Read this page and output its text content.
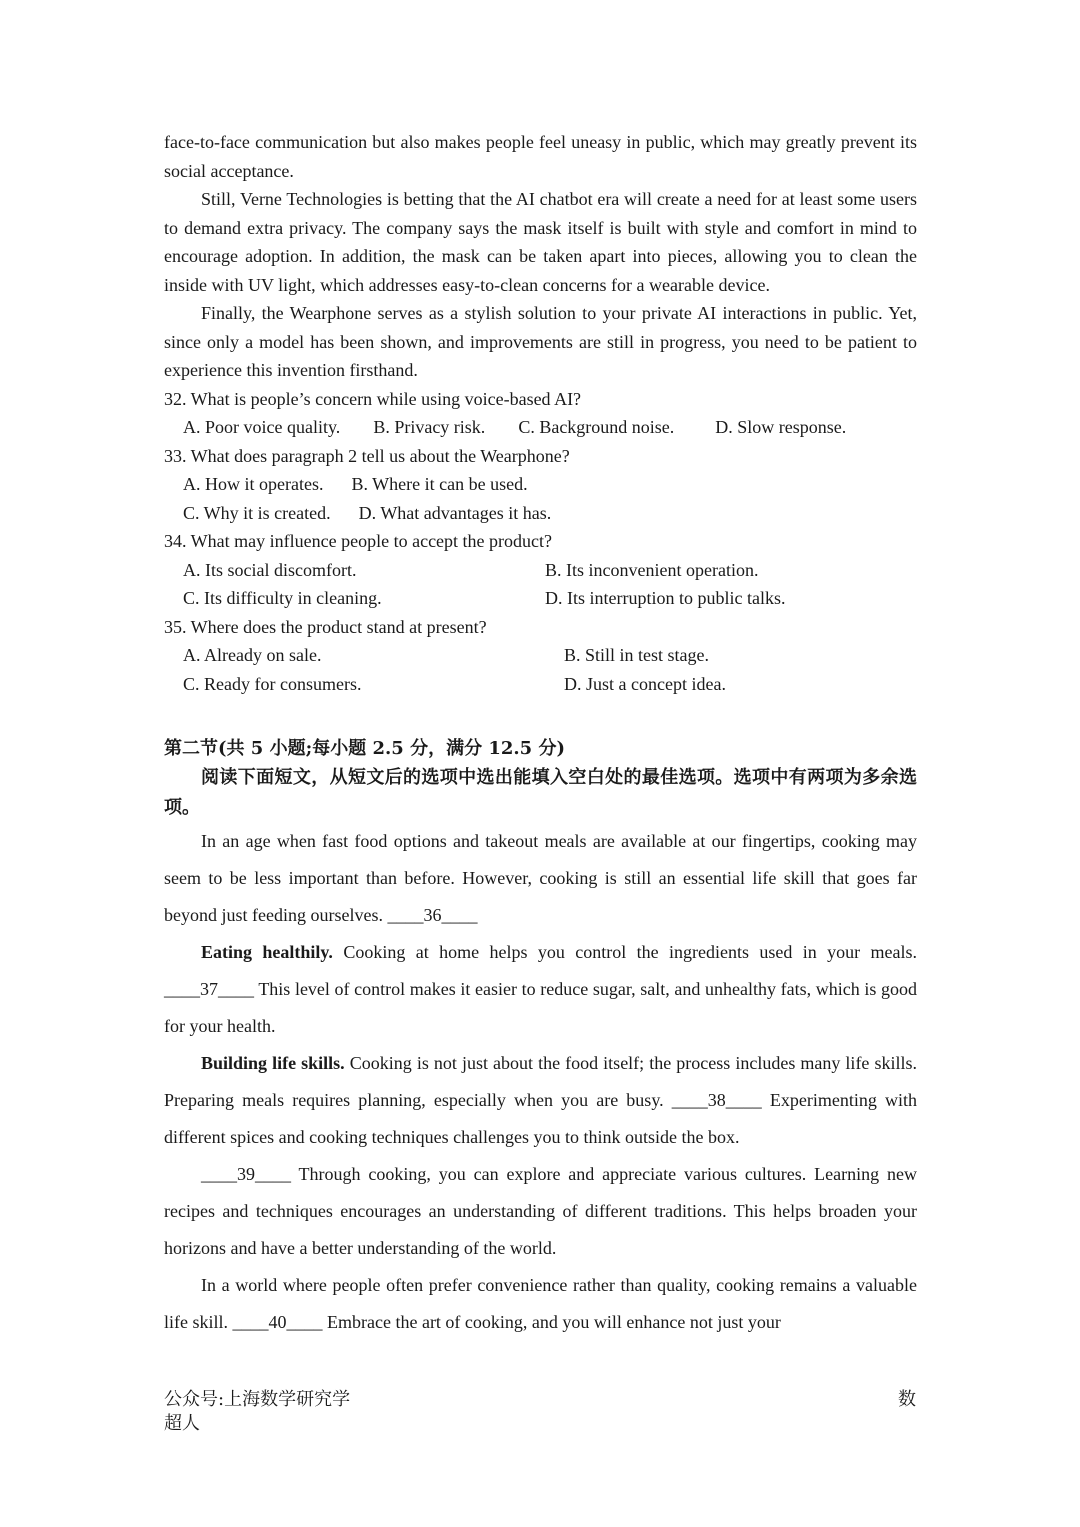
face-to-face communication but also makes people feel uneasy in public, which may greatly prevent its social acceptance.

Still, Verne Technologies is betting that the AI chatbot era will create a need for at least some users to demand extra privacy. The company says the mask itself is built with style and comfort in mind to encourage adoption. In addition, the mask can be taken apart into pieces, allowing you to clean the inside with UV light, which addresses easy-to-clean concerns for a wearable device.

Finally, the Wearphone serves as a stylish solution to your private AI interactions in public. Yet, since only a model has been shown, and improvements are still in progress, you need to be patient to experience this invention firsthand.

32. What is people’s concern while using voice-based AI?

A. Poor voice quality. B. Privacy risk. C. Background noise. D. Slow response.

33. What does paragraph 2 tell us about the Wearphone?

A. How it operates. B. Where it can be used.
C. Why it is created. D. What advantages it has.

34. What may influence people to accept the product?

A. Its social discomfort.	B. Its inconvenient operation.
C. Its difficulty in cleaning.	D. Its interruption to public talks.

35. Where does the product stand at present?

A. Already on sale.	B. Still in test stage.
C. Ready for consumers.	D. Just a concept idea.

第二节(共 5 小题;每小题 2.5 分，满分 12.5 分)

阅读下面短文，从短文后的选项中选出能填入空白处的最佳选项。选项中有两项为多余选项。

In an age when fast food options and takeout meals are available at our fingertips, cooking may seem to be less important than before. However, cooking is still an essential life skill that goes far beyond just feeding ourselves. ____36____

Eating healthily. Cooking at home helps you control the ingredients used in your meals. ____37____ This level of control makes it easier to reduce sugar, salt, and unhealthy fats, which is good for your health.

Building life skills. Cooking is not just about the food itself; the process includes many life skills. Preparing meals requires planning, especially when you are busy. ____38____ Experimenting with different spices and cooking techniques challenges you to think outside the box.

____39____ Through cooking, you can explore and appreciate various cultures. Learning new recipes and techniques encourages an understanding of different traditions. This helps broaden your horizons and have a better understanding of the world.

In a world where people often prefer convenience rather than quality, cooking remains a valuable life skill. ____40____ Embrace the art of cooking, and you will enhance not just your

公众号:上海数学研究学超人
数
